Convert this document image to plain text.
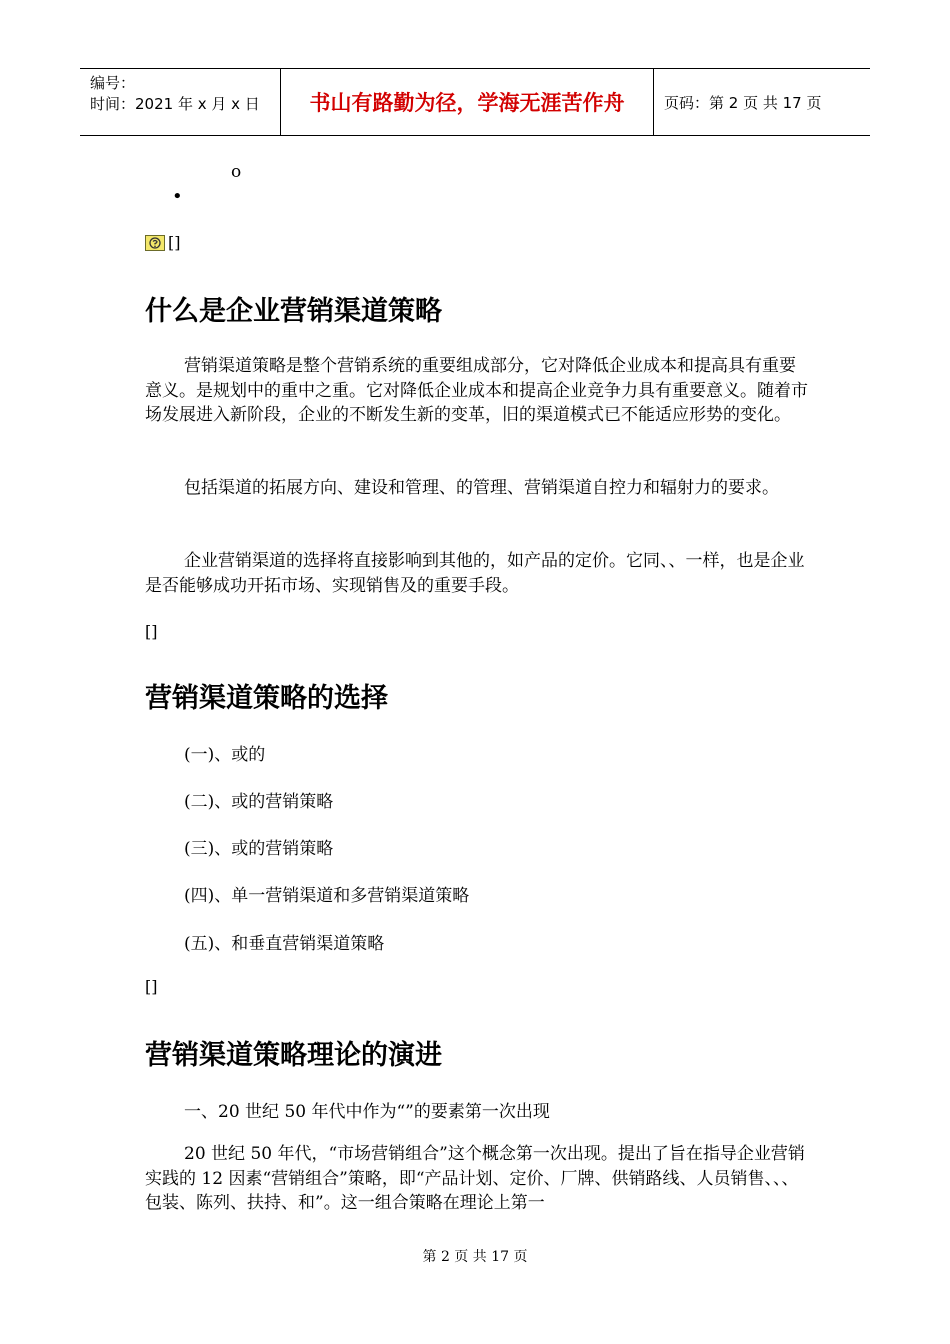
编号：
时间：2021 年 x 月 x 日	书山有路勤为径，学海无涯苦作舟	页码：第 2 页 共 17 页
o
•
[]
什么是企业营销渠道策略

营销渠道策略是整个营销系统的重要组成部分，它对降低企业成本和提高具有重要意义。是规划中的重中之重。它对降低企业成本和提高企业竞争力具有重要意义。随着市场发展进入新阶段，企业的不断发生新的变革，旧的渠道模式已不能适应形势的变化。

包括渠道的拓展方向、建设和管理、的管理、营销渠道自控力和辐射力的要求。

企业营销渠道的选择将直接影响到其他的，如产品的定价。它同、、一样，也是企业是否能够成功开拓市场、实现销售及的重要手段。

[]
营销渠道策略的选择
(一)、或的
(二)、或的营销策略
(三)、或的营销策略
(四)、单一营销渠道和多营销渠道策略
(五)、和垂直营销渠道策略
[]
营销渠道策略理论的演进
一、20 世纪 50 年代中作为“”的要素第一次出现

20 世纪 50 年代，“市场营销组合”这个概念第一次出现。提出了旨在指导企业营销实践的 12 因素“营销组合”策略，即“产品计划、定价、厂牌、供销路线、人员销售、、、包装、陈列、扶持、和”。这一组合策略在理论上第一

第 2 页 共 17 页
